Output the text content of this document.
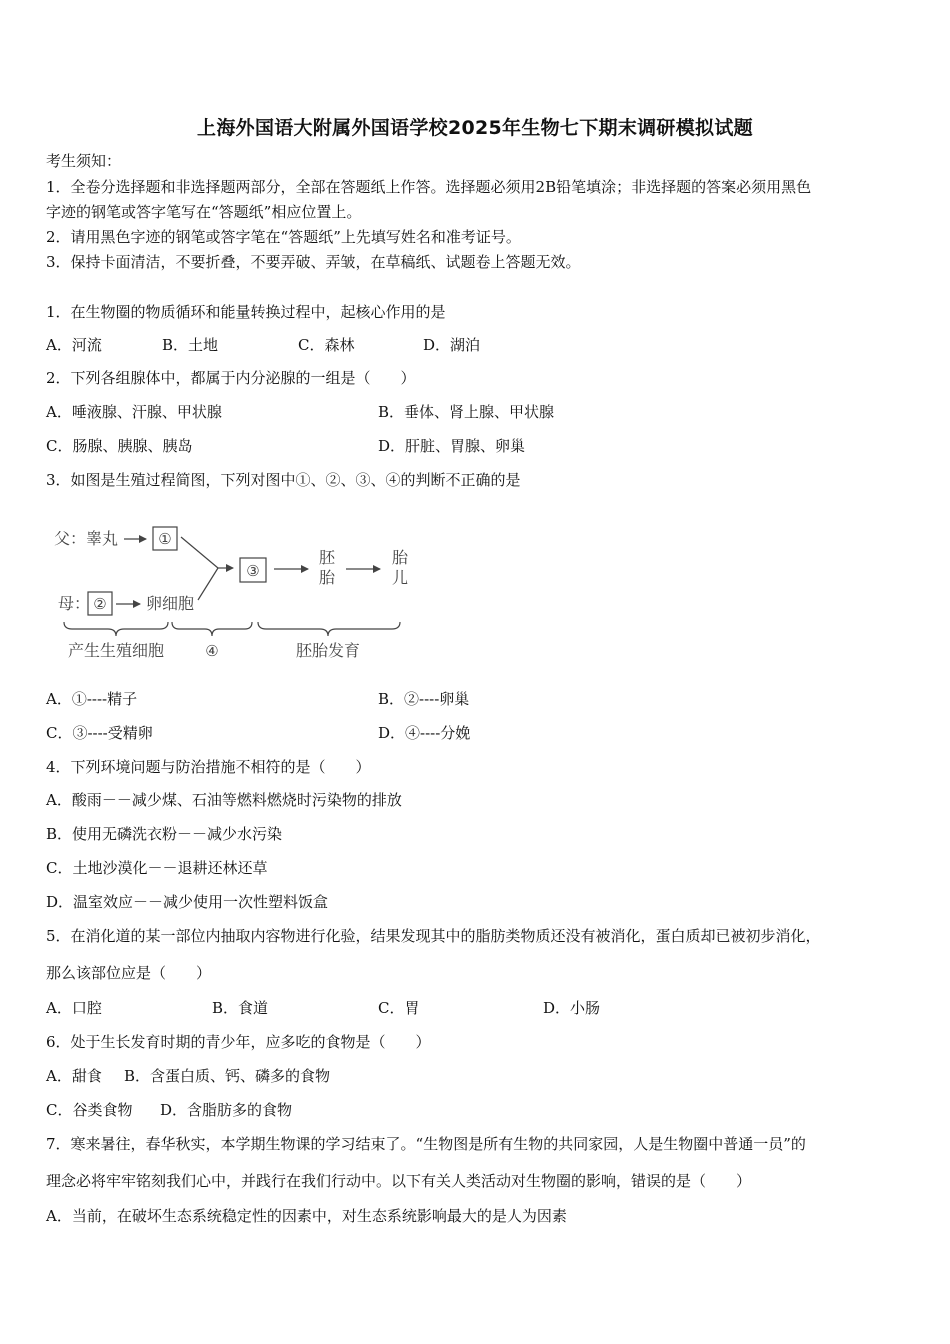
上海外国语大附属外国语学校2025年生物七下期末调研模拟试题
考生须知：
1．全卷分选择题和非选择题两部分，全部在答题纸上作答。选择题必须用2B铅笔填涂；非选择题的答案必须用黑色
字迹的钢笔或答字笔写在“答题纸”相应位置上。
2．请用黑色字迹的钢笔或答字笔在“答题纸”上先填写姓名和准考证号。
3．保持卡面清洁，不要折叠，不要弄破、弄皱，在草稿纸、试题卷上答题无效。
1．在生物圈的物质循环和能量转换过程中，起核心作用的是
A．河流	B．土地	C．森林	D．湖泊
2．下列各组腺体中，都属于内分泌腺的一组是（　　）
A．唾液腺、汗腺、甲状腺	B．垂体、肾上腺、甲状腺
C．肠腺、胰腺、胰岛	D．肝脏、胃腺、卵巢
3．如图是生殖过程简图，下列对图中①、②、③、④的判断不正确的是
父：睾丸	①
母： ② 卵细胞
③
胚
胎
胎
儿
产生生殖细胞	④	胚胎发育
A．①----精子	B．②----卵巢
C．③----受精卵	D．④----分娩
4．下列环境问题与防治措施不相符的是（　　）
A．酸雨－－减少煤、石油等燃料燃烧时污染物的排放
B．使用无磷洗衣粉－－减少水污染
C．土地沙漠化－－退耕还林还草
D．温室效应－－减少使用一次性塑料饭盒
5．在消化道的某一部位内抽取内容物进行化验，结果发现其中的脂肪类物质还没有被消化，蛋白质却已被初步消化，
那么该部位应是（　　）
A．口腔	B．食道	C．胃	D．小肠
6．处于生长发育时期的青少年，应多吃的食物是（　　）
A．甜食 B．含蛋白质、钙、磷多的食物
C．谷类食物 D．含脂肪多的食物
7．寒来暑往，春华秋实，本学期生物课的学习结束了。“生物图是所有生物的共同家园，人是生物圈中普通一员”的
理念必将牢牢铭刻我们心中，并践行在我们行动中。以下有关人类活动对生物圈的影响，错误的是（　　）
A．当前，在破坏生态系统稳定性的因素中，对生态系统影响最大的是人为因素
